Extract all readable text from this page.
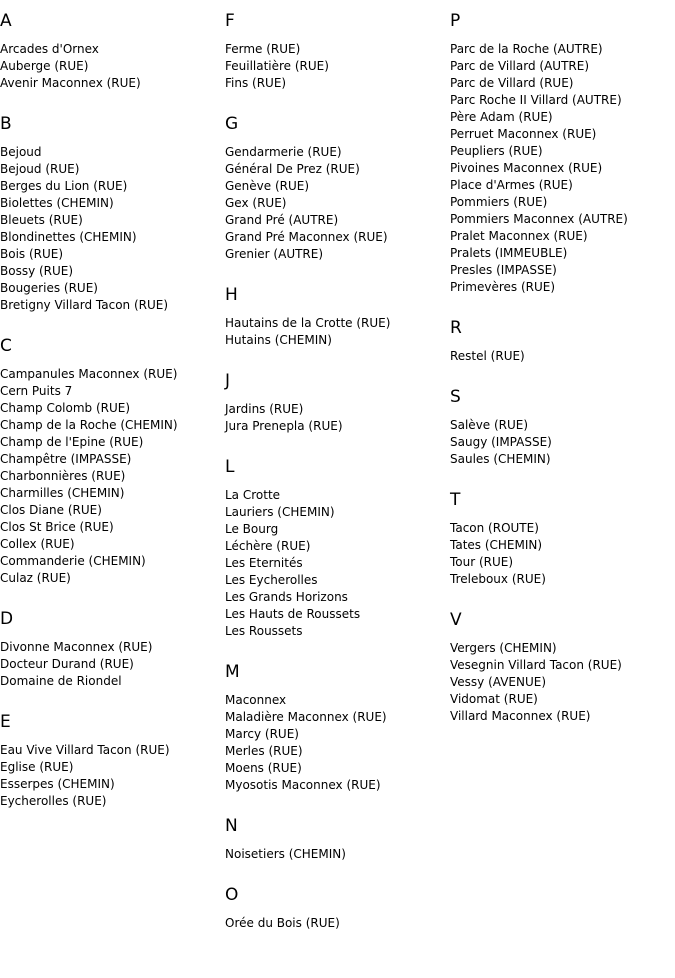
A
Arcades d'Ornex
Auberge (RUE)
Avenir Maconnex (RUE)
B
Bejoud
Bejoud (RUE)
Berges du Lion (RUE)
Biolettes (CHEMIN)
Bleuets (RUE)
Blondinettes (CHEMIN)
Bois (RUE)
Bossy (RUE)
Bougeries (RUE)
Bretigny Villard Tacon (RUE)
C
Campanules Maconnex (RUE)
Cern Puits 7
Champ Colomb (RUE)
Champ de la Roche (CHEMIN)
Champ de l'Epine (RUE)
Champêtre (IMPASSE)
Charbonnières (RUE)
Charmilles (CHEMIN)
Clos Diane (RUE)
Clos St Brice (RUE)
Collex (RUE)
Commanderie (CHEMIN)
Culaz (RUE)
D
Divonne Maconnex (RUE)
Docteur Durand (RUE)
Domaine de Riondel
E
Eau Vive Villard Tacon (RUE)
Eglise (RUE)
Esserpes (CHEMIN)
Eycherolles (RUE)
F
Ferme (RUE)
Feuillatière (RUE)
Fins (RUE)
G
Gendarmerie (RUE)
Général De Prez (RUE)
Genève (RUE)
Gex (RUE)
Grand Pré (AUTRE)
Grand Pré Maconnex (RUE)
Grenier (AUTRE)
H
Hautains de la Crotte (RUE)
Hutains (CHEMIN)
J
Jardins (RUE)
Jura Prenepla (RUE)
L
La Crotte
Lauriers (CHEMIN)
Le Bourg
Léchère (RUE)
Les Eternités
Les Eycherolles
Les Grands Horizons
Les Hauts de Roussets
Les Roussets
M
Maconnex
Maladière Maconnex (RUE)
Marcy (RUE)
Merles (RUE)
Moens (RUE)
Myosotis Maconnex (RUE)
N
Noisetiers (CHEMIN)
O
Orée du Bois (RUE)
P
Parc de la Roche (AUTRE)
Parc de Villard (AUTRE)
Parc de Villard (RUE)
Parc Roche II Villard (AUTRE)
Père Adam (RUE)
Perruet Maconnex (RUE)
Peupliers (RUE)
Pivoines Maconnex (RUE)
Place d'Armes (RUE)
Pommiers (RUE)
Pommiers Maconnex (AUTRE)
Pralet Maconnex (RUE)
Pralets (IMMEUBLE)
Presles (IMPASSE)
Primevères (RUE)
R
Restel (RUE)
S
Salève (RUE)
Saugy (IMPASSE)
Saules (CHEMIN)
T
Tacon (ROUTE)
Tates (CHEMIN)
Tour (RUE)
Treleboux (RUE)
V
Vergers (CHEMIN)
Vesegnin Villard Tacon (RUE)
Vessy (AVENUE)
Vidomat (RUE)
Villard Maconnex (RUE)
